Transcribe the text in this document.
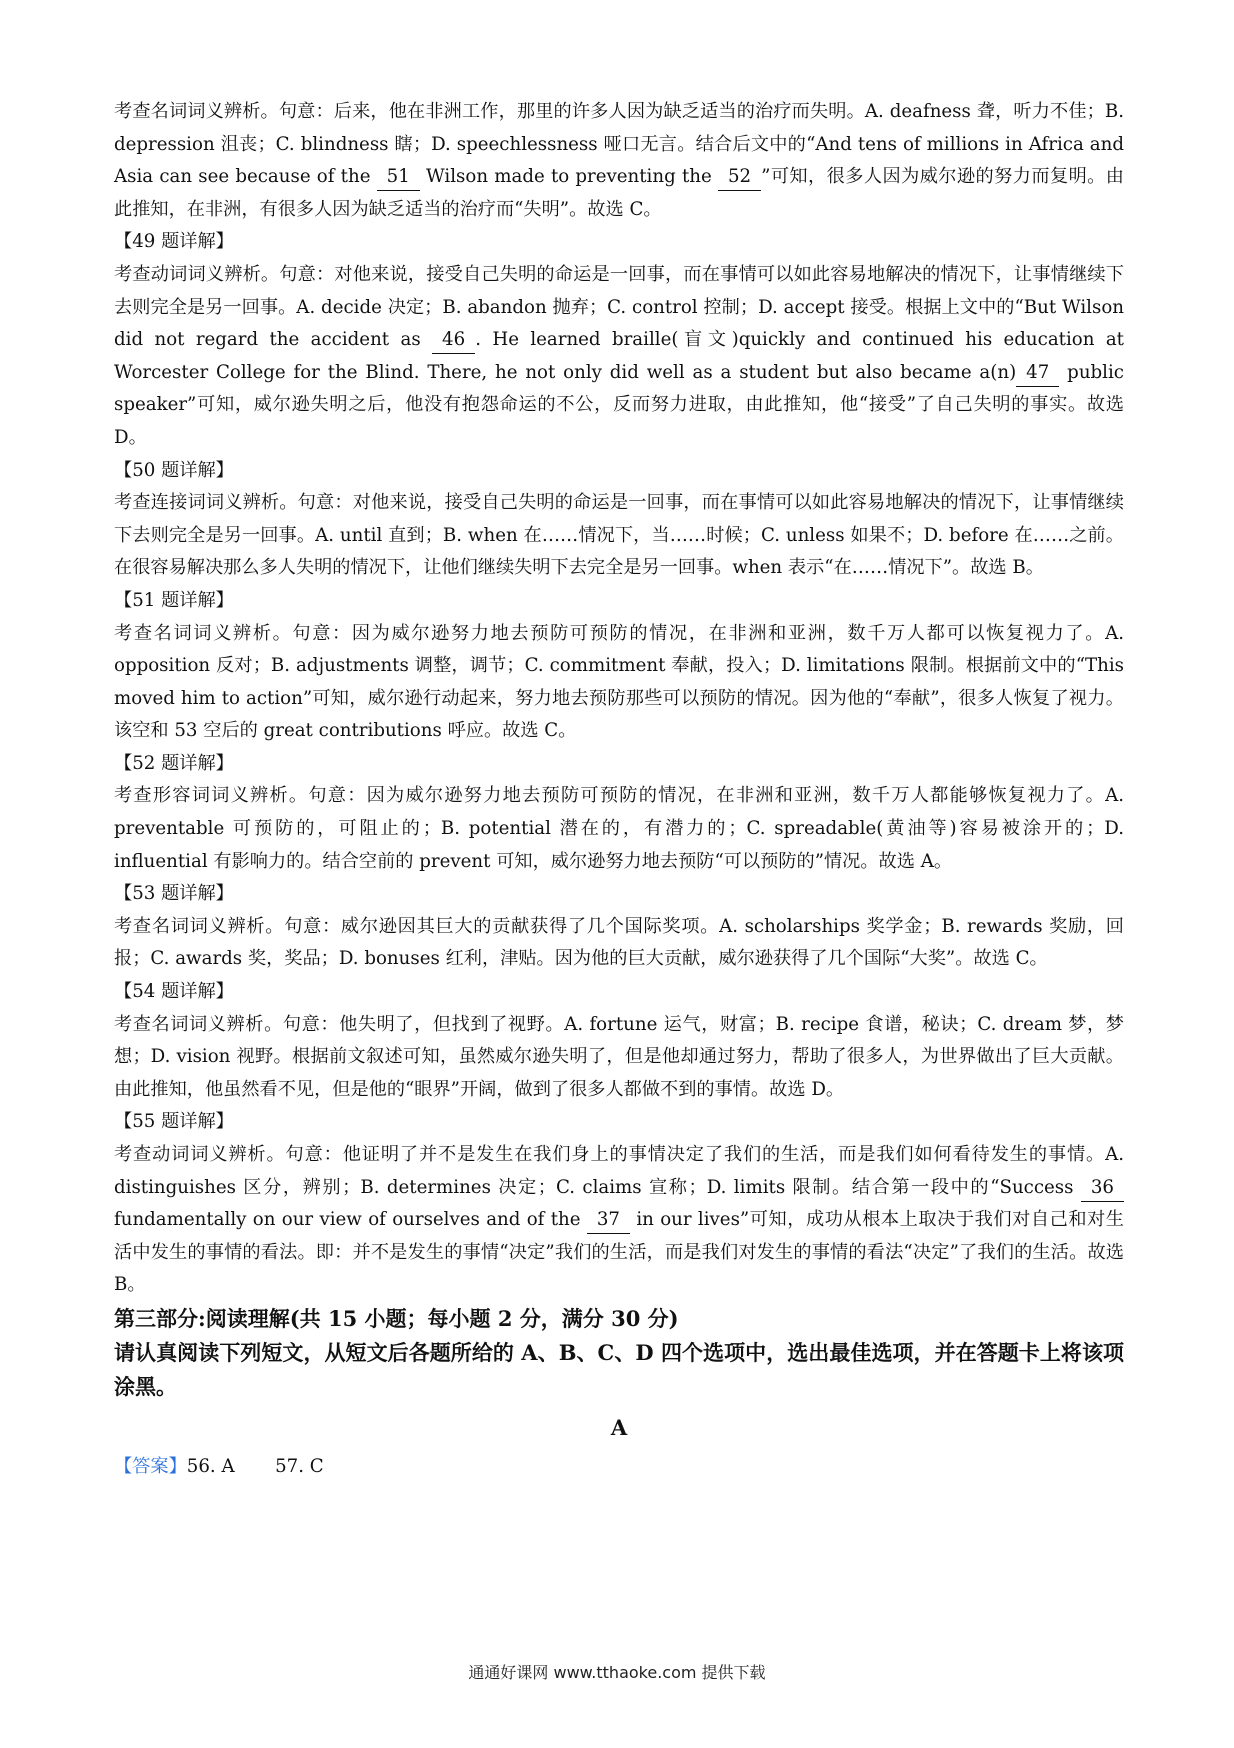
考查名词词义辨析。句意：后来，他在非洲工作，那里的许多人因为缺乏适当的治疗而失明。A. deafness 聋，听力不佳；B. depression 沮丧；C. blindness 瞎；D. speechlessness 哑口无言。结合后文中的“And tens of millions in Africa and Asia can see because of the 51 Wilson made to preventing the 52 ”可知，很多人因为威尔逊的努力而复明。由此推知，在非洲，有很多人因为缺乏适当的治疗而“失明”。故选 C。

【49 题详解】

考查动词词义辨析。句意：对他来说，接受自己失明的命运是一回事，而在事情可以如此容易地解决的情况下，让事情继续下去则完全是另一回事。A. decide 决定；B. abandon 抛弃；C. control 控制；D. accept 接受。根据上文中的“But Wilson did not regard the accident as 46 . He learned braille(盲文)quickly and continued his education at Worcester College for the Blind. There, he not only did well as a student but also became a(n) 47 public speaker”可知，威尔逊失明之后，他没有抱怨命运的不公，反而努力进取，由此推知，他“接受”了自己失明的事实。故选 D。

【50 题详解】

考查连接词词义辨析。句意：对他来说，接受自己失明的命运是一回事，而在事情可以如此容易地解决的情况下，让事情继续下去则完全是另一回事。A. until 直到；B. when 在……情况下，当……时候；C. unless 如果不；D. before 在……之前。在很容易解决那么多人失明的情况下，让他们继续失明下去完全是另一回事。when 表示“在……情况下”。故选 B。

【51 题详解】

考查名词词义辨析。句意：因为威尔逊努力地去预防可预防的情况，在非洲和亚洲，数千万人都可以恢复视力了。A. opposition 反对；B. adjustments 调整，调节；C. commitment 奉献，投入；D. limitations 限制。根据前文中的“This moved him to action”可知，威尔逊行动起来，努力地去预防那些可以预防的情况。因为他的“奉献”，很多人恢复了视力。该空和 53 空后的 great contributions 呼应。故选 C。

【52 题详解】

考查形容词词义辨析。句意：因为威尔逊努力地去预防可预防的情况，在非洲和亚洲，数千万人都能够恢复视力了。A. preventable 可预防的，可阻止的；B. potential 潜在的，有潜力的；C. spreadable(黄油等)容易被涂开的；D. influential 有影响力的。结合空前的 prevent 可知，威尔逊努力地去预防“可以预防的”情况。故选 A。

【53 题详解】

考查名词词义辨析。句意：威尔逊因其巨大的贡献获得了几个国际奖项。A. scholarships 奖学金；B. rewards 奖励，回报；C. awards 奖，奖品；D. bonuses 红利，津贴。因为他的巨大贡献，威尔逊获得了几个国际“大奖”。故选 C。

【54 题详解】

考查名词词义辨析。句意：他失明了，但找到了视野。A. fortune 运气，财富；B. recipe 食谱，秘诀；C. dream 梦，梦想；D. vision 视野。根据前文叙述可知，虽然威尔逊失明了，但是他却通过努力，帮助了很多人，为世界做出了巨大贡献。由此推知，他虽然看不见，但是他的“眼界”开阔，做到了很多人都做不到的事情。故选 D。

【55 题详解】

考查动词词义辨析。句意：他证明了并不是发生在我们身上的事情决定了我们的生活，而是我们如何看待发生的事情。A. distinguishes 区分，辨别；B. determines 决定；C. claims 宣称；D. limits 限制。结合第一段中的“Success 36 fundamentally on our view of ourselves and of the 37 in our lives”可知，成功从根本上取决于我们对自己和对生活中发生的事情的看法。即：并不是发生的事情“决定”我们的生活，而是我们对发生的事情的看法“决定”了我们的生活。故选 B。

第三部分:阅读理解(共 15 小题；每小题 2 分，满分 30 分)

请认真阅读下列短文，从短文后各题所给的 A、B、C、D 四个选项中，选出最佳选项，并在答题卡上将该项涂黑。

A

【答案】56. A       57. C

通通好课网 www.tthaoke.com 提供下载
